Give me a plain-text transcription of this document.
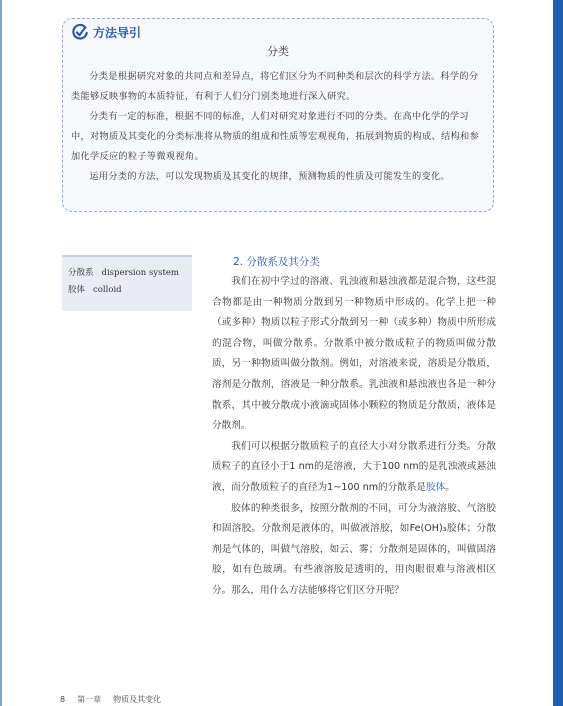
方法导引
分类

分类是根据研究对象的共同点和差异点，将它们区分为不同种类和层次的科学方法。科学的分类能够反映事物的本质特征，有利于人们分门别类地进行深入研究。

分类有一定的标准，根据不同的标准，人们对研究对象进行不同的分类。在高中化学的学习中，对物质及其变化的分类标准将从物质的组成和性质等宏观视角，拓展到物质的构成、结构和参加化学反应的粒子等微观视角。

运用分类的方法，可以发现物质及其变化的规律，预测物质的性质及可能发生的变化。

分散系 dispersion system
胶体 colloid
2. 分散系及其分类

我们在初中学过的溶液、乳浊液和悬浊液都是混合物，这些混合物都是由一种物质分散到另一种物质中形成的。化学上把一种（或多种）物质以粒子形式分散到另一种（或多种）物质中所形成的混合物，叫做分散系。分散系中被分散成粒子的物质叫做分散质，另一种物质叫做分散剂。例如，对溶液来说，溶质是分散质，溶剂是分散剂，溶液是一种分散系。乳浊液和悬浊液也各是一种分散系，其中被分散成小液滴或固体小颗粒的物质是分散质，液体是分散剂。

我们可以根据分散质粒子的直径大小对分散系进行分类。分散质粒子的直径小于1 nm的是溶液，大于100 nm的是乳浊液或悬浊液，而分散质粒子的直径为1~100 nm的分散系是胶体。

胶体的种类很多，按照分散剂的不同，可分为液溶胶、气溶胶和固溶胶。分散剂是液体的，叫做液溶胶，如Fe(OH)₃胶体；分散剂是气体的，叫做气溶胶，如云、雾；分散剂是固体的，叫做固溶胶，如有色玻璃。有些液溶胶是透明的，用肉眼很难与溶液相区分。那么，用什么方法能够将它们区分开呢？

8 第一章 物质及其变化
